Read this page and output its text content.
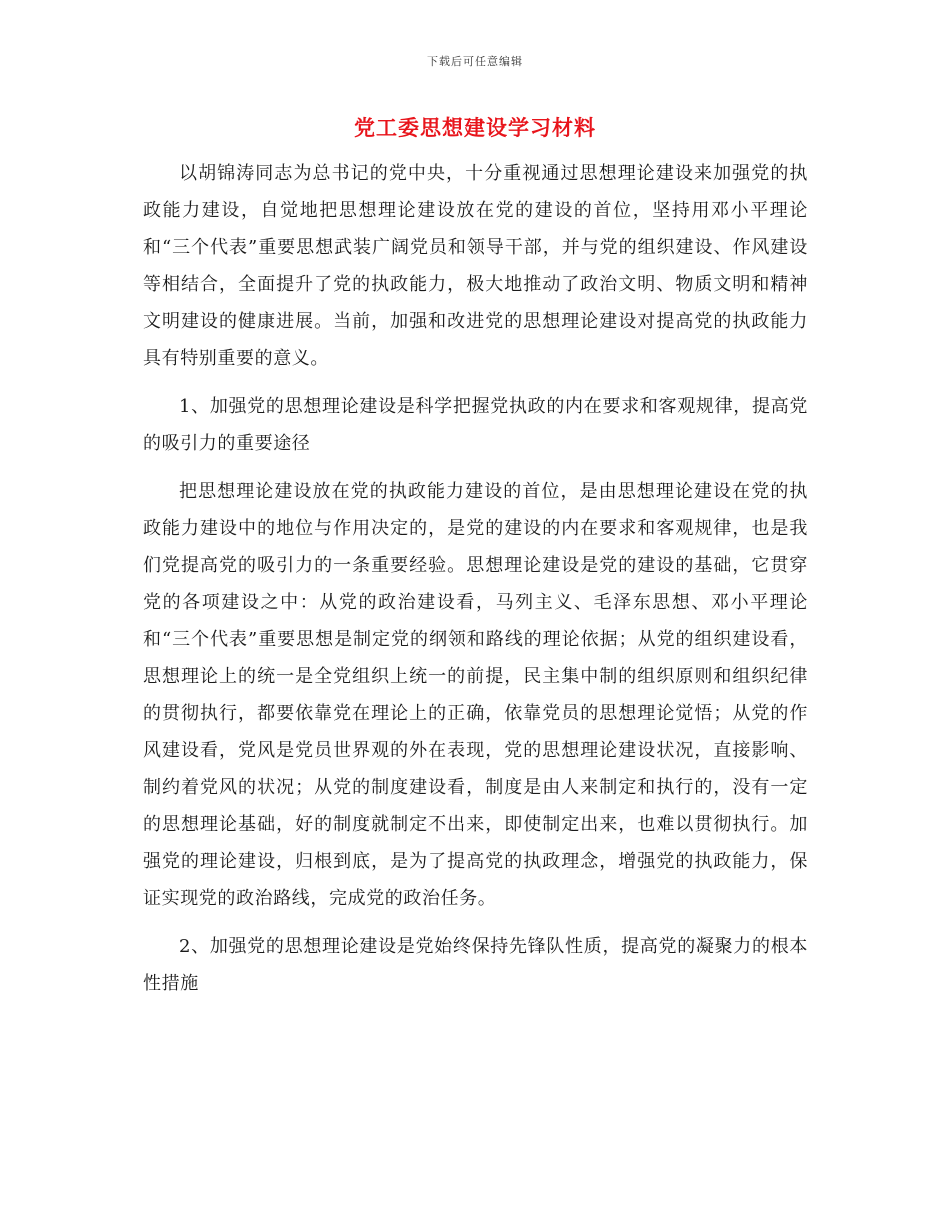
下载后可任意编辑
党工委思想建设学习材料

以胡锦涛同志为总书记的党中央，十分重视通过思想理论建设来加强党的执政能力建设，自觉地把思想理论建设放在党的建设的首位，坚持用邓小平理论和“三个代表”重要思想武装广阔党员和领导干部，并与党的组织建设、作风建设等相结合，全面提升了党的执政能力，极大地推动了政治文明、物质文明和精神文明建设的健康进展。当前，加强和改进党的思想理论建设对提高党的执政能力具有特别重要的意义。

1、加强党的思想理论建设是科学把握党执政的内在要求和客观规律，提高党的吸引力的重要途径

把思想理论建设放在党的执政能力建设的首位，是由思想理论建设在党的执政能力建设中的地位与作用决定的，是党的建设的内在要求和客观规律，也是我们党提高党的吸引力的一条重要经验。思想理论建设是党的建设的基础，它贯穿党的各项建设之中：从党的政治建设看，马列主义、毛泽东思想、邓小平理论和“三个代表”重要思想是制定党的纲领和路线的理论依据；从党的组织建设看，思想理论上的统一是全党组织上统一的前提，民主集中制的组织原则和组织纪律的贯彻执行，都要依靠党在理论上的正确，依靠党员的思想理论觉悟；从党的作风建设看，党风是党员世界观的外在表现，党的思想理论建设状况，直接影响、制约着党风的状况；从党的制度建设看，制度是由人来制定和执行的，没有一定的思想理论基础，好的制度就制定不出来，即使制定出来，也难以贯彻执行。加强党的理论建设，归根到底，是为了提高党的执政理念，增强党的执政能力，保证实现党的政治路线，完成党的政治任务。

2、加强党的思想理论建设是党始终保持先锋队性质，提高党的凝聚力的根本性措施
